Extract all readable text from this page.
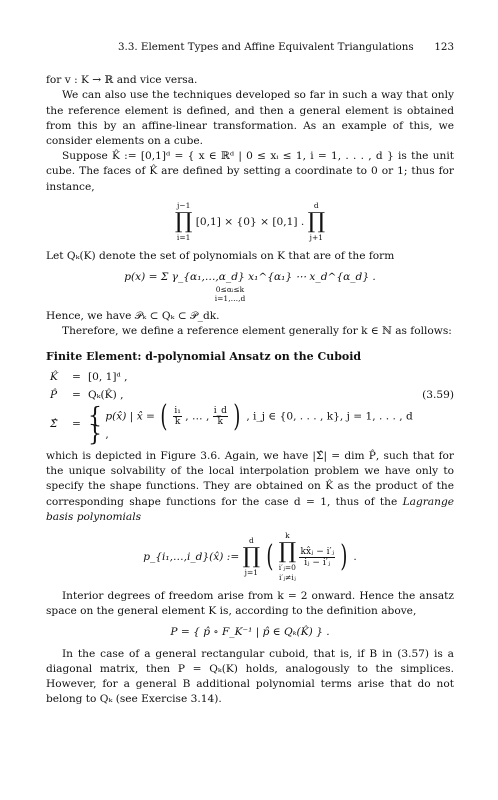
3.3. Element Types and Affine Equivalent Triangulations 123

for v : K → ℝ and vice versa.

We can also use the techniques developed so far in such a way that only the reference element is defined, and then a general element is obtained from this by an affine-linear transformation. As an example of this, we consider elements on a cube.

Suppose K̂ := [0,1]ᵈ = { x ∈ ℝᵈ | 0 ≤ xᵢ ≤ 1, i = 1, . . . , d } is the unit cube. The faces of K̂ are defined by setting a coordinate to 0 or 1; thus for instance,

j−1
∏
i=1
[0,1] × {0} × [0,1] .
d
∏
j+1

Let Qₖ(K) denote the set of polynomials on K that are of the form

p(x) = Σ γ_{α₁,…,α_d} x₁^{α₁} ⋯ x_d^{α_d} .
0≤αᵢ≤k
i=1,…,d

Hence, we have 𝒫ₖ ⊂ Qₖ ⊂ 𝒫_dk.

Therefore, we define a reference element generally for k ∈ ℕ as follows:

Finite Element: d-polynomial Ansatz on the Cuboid
K̂	= [0, 1]ᵈ ,
P̂	= Qₖ(K̂) ,	(3.59)
Σ̂	= { p(x̂) | x̂ = ( $\frac{\text{i₁}}{k}$ , … , $\frac{i\_d}{k}$ ) , i_j ∈ {0, . . . , k}, j = 1, . . . , d } ,

which is depicted in Figure 3.6. Again, we have |Σ̂| = dim P̂, such that for the unique solvability of the local interpolation problem we have only to specify the shape functions. They are obtained on K̂ as the product of the corresponding shape functions for the case d = 1, thus of the Lagrange basis polynomials

p_{i₁,…,i_d}(x̂) :=
d
∏
j=1 (
k
∏
i′ⱼ=0
i′ⱼ≠iⱼ

$\frac{\text{kx̂ⱼ − i′ⱼ}}{\text{iⱼ − i′ⱼ}}$ ) .

Interior degrees of freedom arise from k = 2 onward. Hence the ansatz space on the general element K is, according to the definition above,

P = { p̂ ∘ F_K⁻¹ | p̂ ∈ Qₖ(K̂) } .

In the case of a general rectangular cuboid, that is, if B in (3.57) is a diagonal matrix, then P = Qₖ(K) holds, analogously to the simplices. However, for a general B additional polynomial terms arise that do not belong to Qₖ (see Exercise 3.14).
